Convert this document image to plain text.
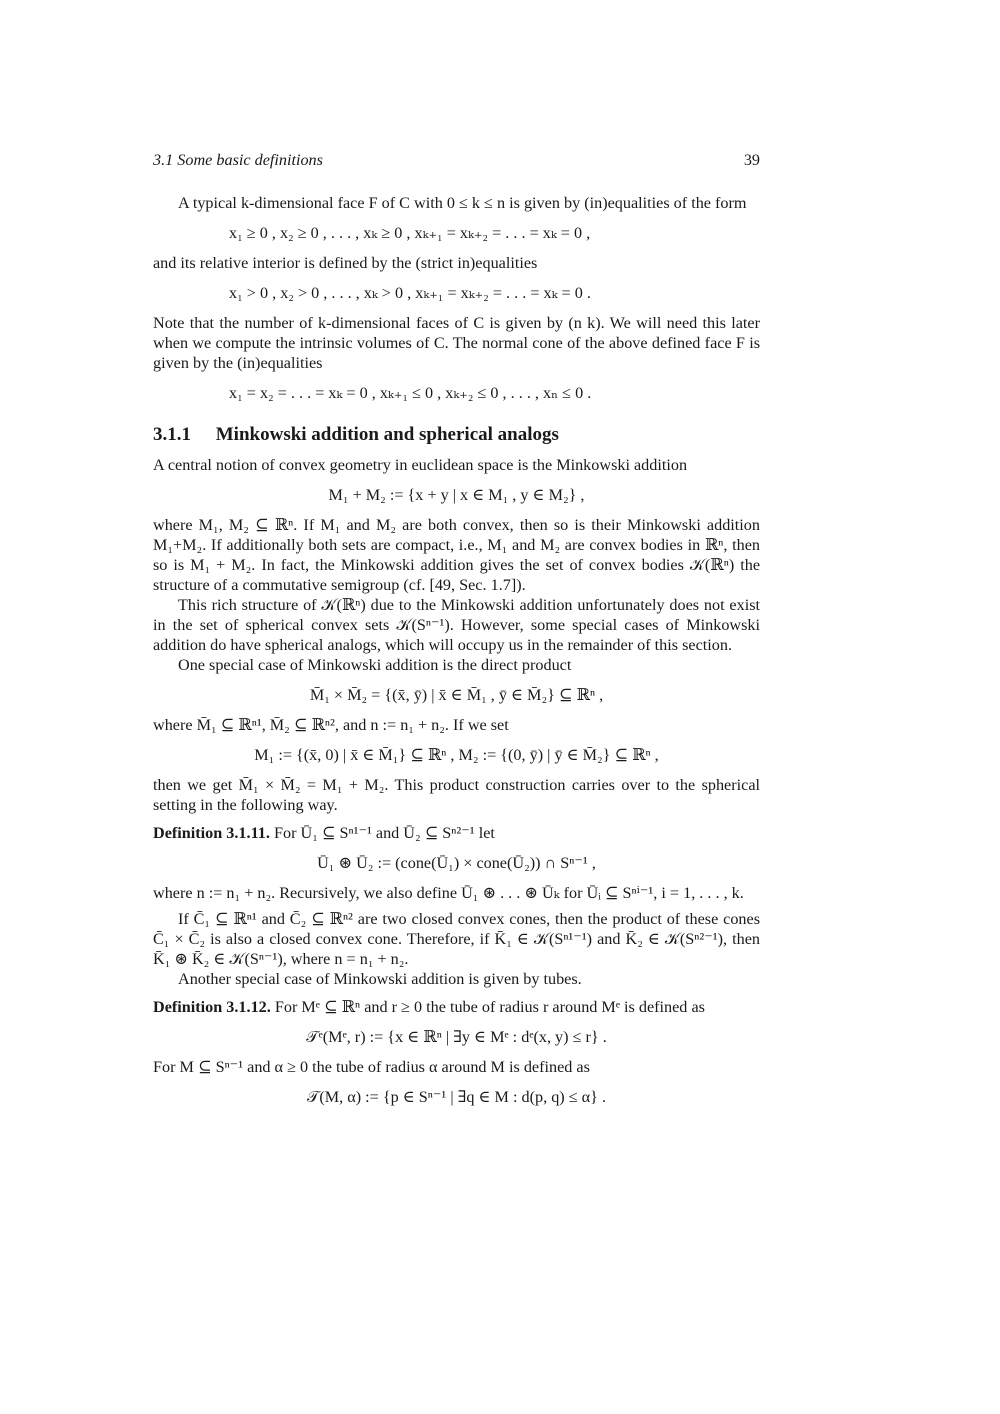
3.1 Some basic definitions	39

A typical k-dimensional face F of C with 0 ≤ k ≤ n is given by (in)equalities of the form

x₁ ≥ 0 , x₂ ≥ 0 , . . . , xₖ ≥ 0 , xₖ₊₁ = xₖ₊₂ = . . . = xₖ = 0 ,

and its relative interior is defined by the (strict in)equalities

x₁ > 0 , x₂ > 0 , . . . , xₖ > 0 , xₖ₊₁ = xₖ₊₂ = . . . = xₖ = 0 .

Note that the number of k-dimensional faces of C is given by (n k). We will need this later when we compute the intrinsic volumes of C. The normal cone of the above defined face F is given by the (in)equalities

x₁ = x₂ = . . . = xₖ = 0 , xₖ₊₁ ≤ 0 , xₖ₊₂ ≤ 0 , . . . , xₙ ≤ 0 .
3.1.1 Minkowski addition and spherical analogs

A central notion of convex geometry in euclidean space is the Minkowski addition

M₁ + M₂ := {x + y | x ∈ M₁ , y ∈ M₂} ,

where M₁, M₂ ⊆ ℝⁿ. If M₁ and M₂ are both convex, then so is their Minkowski addition M₁+M₂. If additionally both sets are compact, i.e., M₁ and M₂ are convex bodies in ℝⁿ, then so is M₁ + M₂. In fact, the Minkowski addition gives the set of convex bodies 𝒦(ℝⁿ) the structure of a commutative semigroup (cf. [49, Sec. 1.7]).

This rich structure of 𝒦(ℝⁿ) due to the Minkowski addition unfortunately does not exist in the set of spherical convex sets 𝒦(Sⁿ⁻¹). However, some special cases of Minkowski addition do have spherical analogs, which will occupy us in the remainder of this section.

One special case of Minkowski addition is the direct product

M̄₁ × M̄₂ = {(x̄, ȳ) | x̄ ∈ M̄₁ , ȳ ∈ M̄₂} ⊆ ℝⁿ ,

where M̄₁ ⊆ ℝⁿ¹, M̄₂ ⊆ ℝⁿ², and n := n₁ + n₂. If we set

M₁ := {(x̄, 0) | x̄ ∈ M̄₁} ⊆ ℝⁿ , M₂ := {(0, ȳ) | ȳ ∈ M̄₂} ⊆ ℝⁿ ,

then we get M̄₁ × M̄₂ = M₁ + M₂. This product construction carries over to the spherical setting in the following way.

Definition 3.1.11. For Ū₁ ⊆ Sⁿ¹⁻¹ and Ū₂ ⊆ Sⁿ²⁻¹ let

Ū₁ ⊛ Ū₂ := (cone(Ū₁) × cone(Ū₂)) ∩ Sⁿ⁻¹ ,

where n := n₁ + n₂. Recursively, we also define Ū₁ ⊛ . . . ⊛ Ūₖ for Ūᵢ ⊆ Sⁿⁱ⁻¹, i = 1, . . . , k.

If C̄₁ ⊆ ℝⁿ¹ and C̄₂ ⊆ ℝⁿ² are two closed convex cones, then the product of these cones C̄₁ × C̄₂ is also a closed convex cone. Therefore, if K̄₁ ∈ 𝒦(Sⁿ¹⁻¹) and K̄₂ ∈ 𝒦(Sⁿ²⁻¹), then K̄₁ ⊛ K̄₂ ∈ 𝒦(Sⁿ⁻¹), where n = n₁ + n₂.

Another special case of Minkowski addition is given by tubes.

Definition 3.1.12. For Mᵉ ⊆ ℝⁿ and r ≥ 0 the tube of radius r around Mᵉ is defined as

𝒯ᵉ(Mᵉ, r) := {x ∈ ℝⁿ | ∃y ∈ Mᵉ : dᵉ(x, y) ≤ r} .

For M ⊆ Sⁿ⁻¹ and α ≥ 0 the tube of radius α around M is defined as

𝒯(M, α) := {p ∈ Sⁿ⁻¹ | ∃q ∈ M : d(p, q) ≤ α} .
